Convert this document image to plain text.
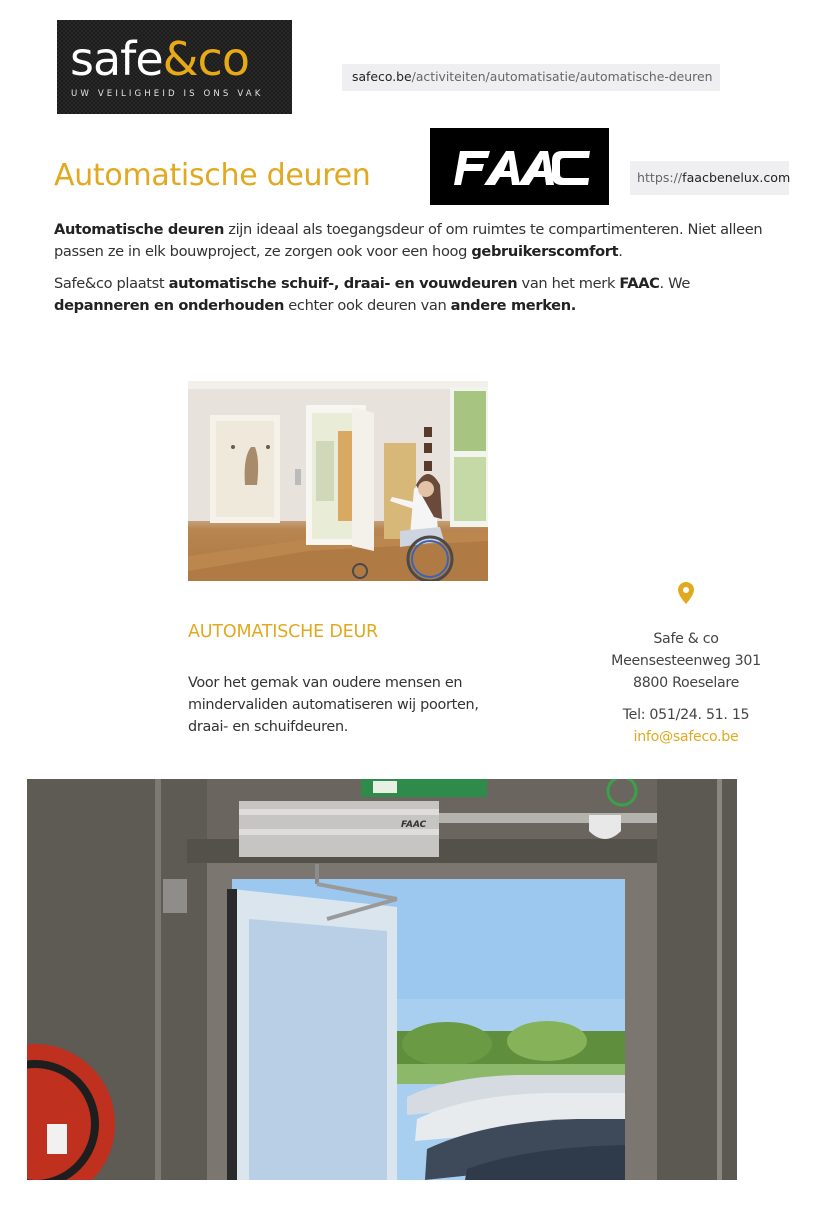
safe&co
UW VEILIGHEID IS ONS VAK
safeco.be/activiteiten/automatisatie/automatische-deuren
Automatische deuren	https://faacbenelux.com

Automatische deuren zijn ideaal als toegangsdeur of om ruimtes te compartimenteren. Niet alleen passen ze in elk bouwproject, ze zorgen ook voor een hoog gebruikerscomfort.

Safe&co plaatst automatische schuif-, draai- en vouwdeuren van het merk FAAC. We depanneren en onderhouden echter ook deuren van andere merken.

AUTOMATISCHE DEUR

Voor het gemak van oudere mensen en mindervaliden automatiseren wij poorten, draai- en schuifdeuren.

Safe & co
Meensesteenweg 301
8800 Roeselare
Tel: 051/24. 51. 15
info@safeco.be
FAAC
